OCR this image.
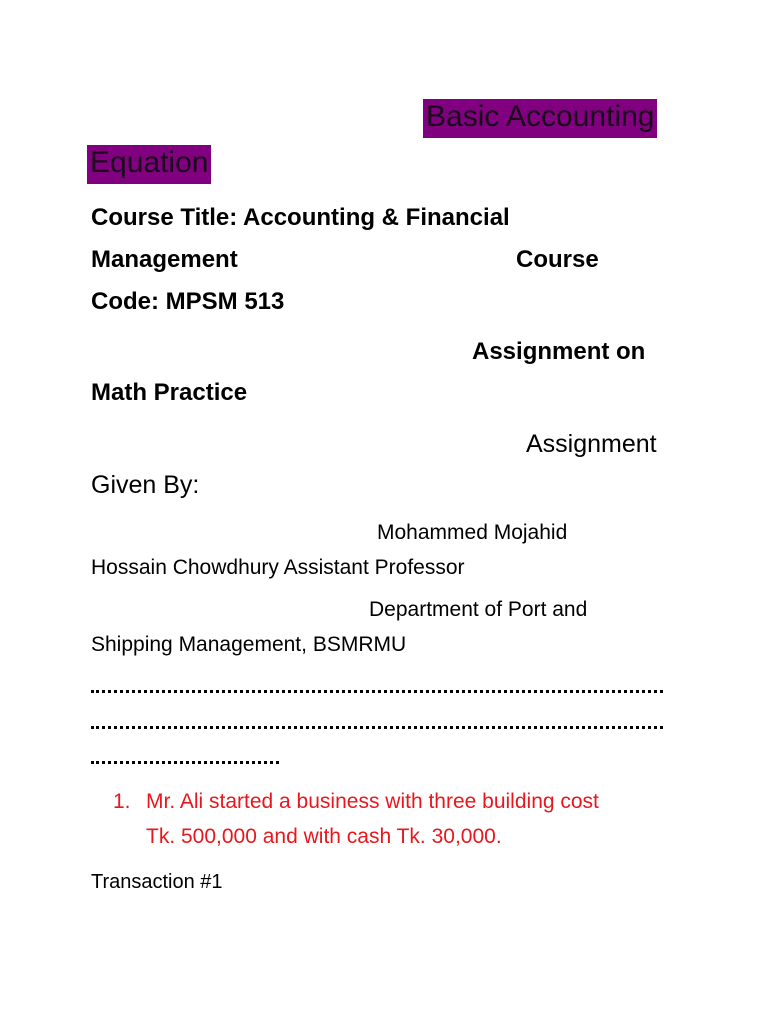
Basic Accounting
Equation
Course Title: Accounting & Financial
Management	Course
Code: MPSM 513
Assignment on
Math Practice
Assignment
Given By:
Mohammed Mojahid
Hossain Chowdhury Assistant Professor
Department of Port and
Shipping Management, BSMRMU
1. Mr. Ali started a business with three building cost
Tk. 500,000 and with cash Tk. 30,000.
Transaction #1
